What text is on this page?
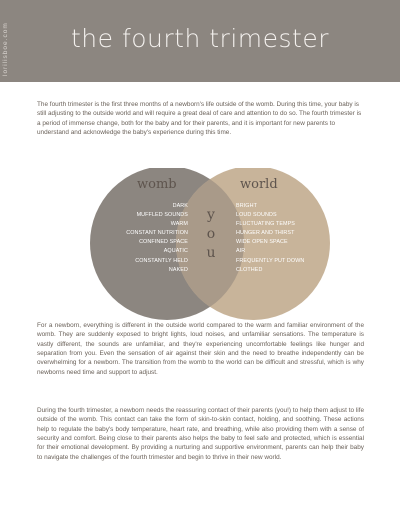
lorilisboe.com	the fourth trimester

The fourth trimester is the first three months of a newborn's life outside of the womb. During this time, your baby is still adjusting to the outside world and will require a great deal of care and attention to do so. The fourth trimester is a period of immense change, both for the baby and for their parents, and it is important for new parents to understand and acknowledge the baby's experience during this time.

womb	world
DARK
MUFFLED SOUNDS
WARM
CONSTANT NUTRITION
CONFINED SPACE
AQUATIC
CONSTANTLY HELD
NAKED
y
o
u
BRIGHT
LOUD SOUNDS
FLUCTUATING TEMPS
HUNGER AND THIRST
WIDE OPEN SPACE
AIR
FREQUENTLY PUT DOWN
CLOTHED

For a newborn, everything is different in the outside world compared to the warm and familiar environment of the womb. They are suddenly exposed to bright lights, loud noises, and unfamiliar sensations. The temperature is vastly different, the sounds are unfamiliar, and they're experiencing uncomfortable feelings like hunger and separation from you. Even the sensation of air against their skin and the need to breathe independently can be overwhelming for a newborn. The transition from the womb to the world can be difficult and stressful, which is why newborns need time and support to adjust.

During the fourth trimester, a newborn needs the reassuring contact of their parents (you!) to help them adjust to life outside of the womb. This contact can take the form of skin-to-skin contact, holding, and soothing. These actions help to regulate the baby's body temperature, heart rate, and breathing, while also providing them with a sense of security and comfort. Being close to their parents also helps the baby to feel safe and protected, which is essential for their emotional development. By providing a nurturing and supportive environment, parents can help their baby to navigate the challenges of the fourth trimester and begin to thrive in their new world.
